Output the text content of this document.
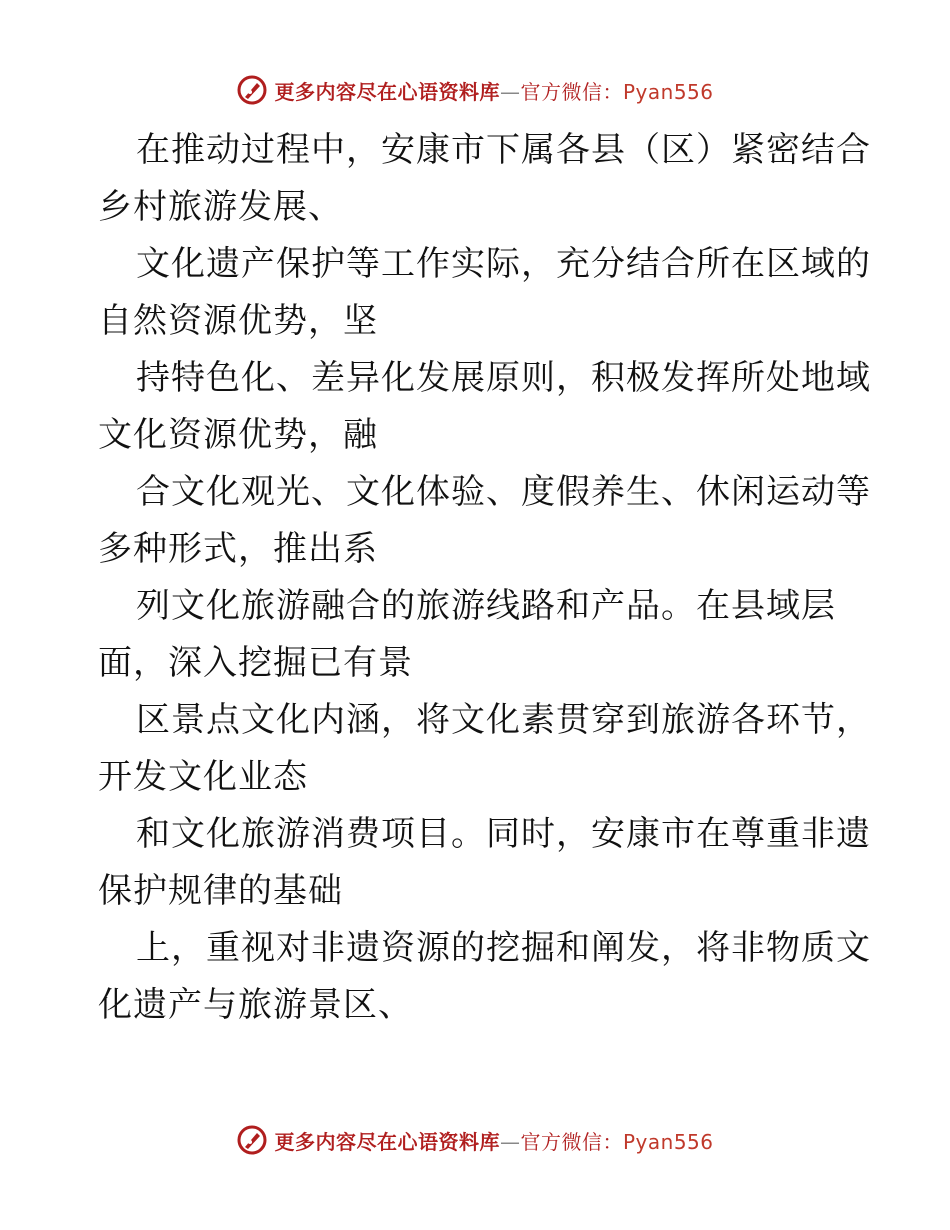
更多内容尽在心语资料库—官方微信：Pyan556
在推动过程中，安康市下属各县（区）紧密结合
乡村旅游发展、
文化遗产保护等工作实际，充分结合所在区域的
自然资源优势，坚
持特色化、差异化发展原则，积极发挥所处地域
文化资源优势，融
合文化观光、文化体验、度假养生、休闲运动等
多种形式，推出系
列文化旅游融合的旅游线路和产品。在县域层
面，深入挖掘已有景
区景点文化内涵，将文化素贯穿到旅游各环节，
开发文化业态
和文化旅游消费项目。同时，安康市在尊重非遗
保护规律的基础
上，重视对非遗资源的挖掘和阐发，将非物质文
化遗产与旅游景区、
更多内容尽在心语资料库—官方微信：Pyan556
